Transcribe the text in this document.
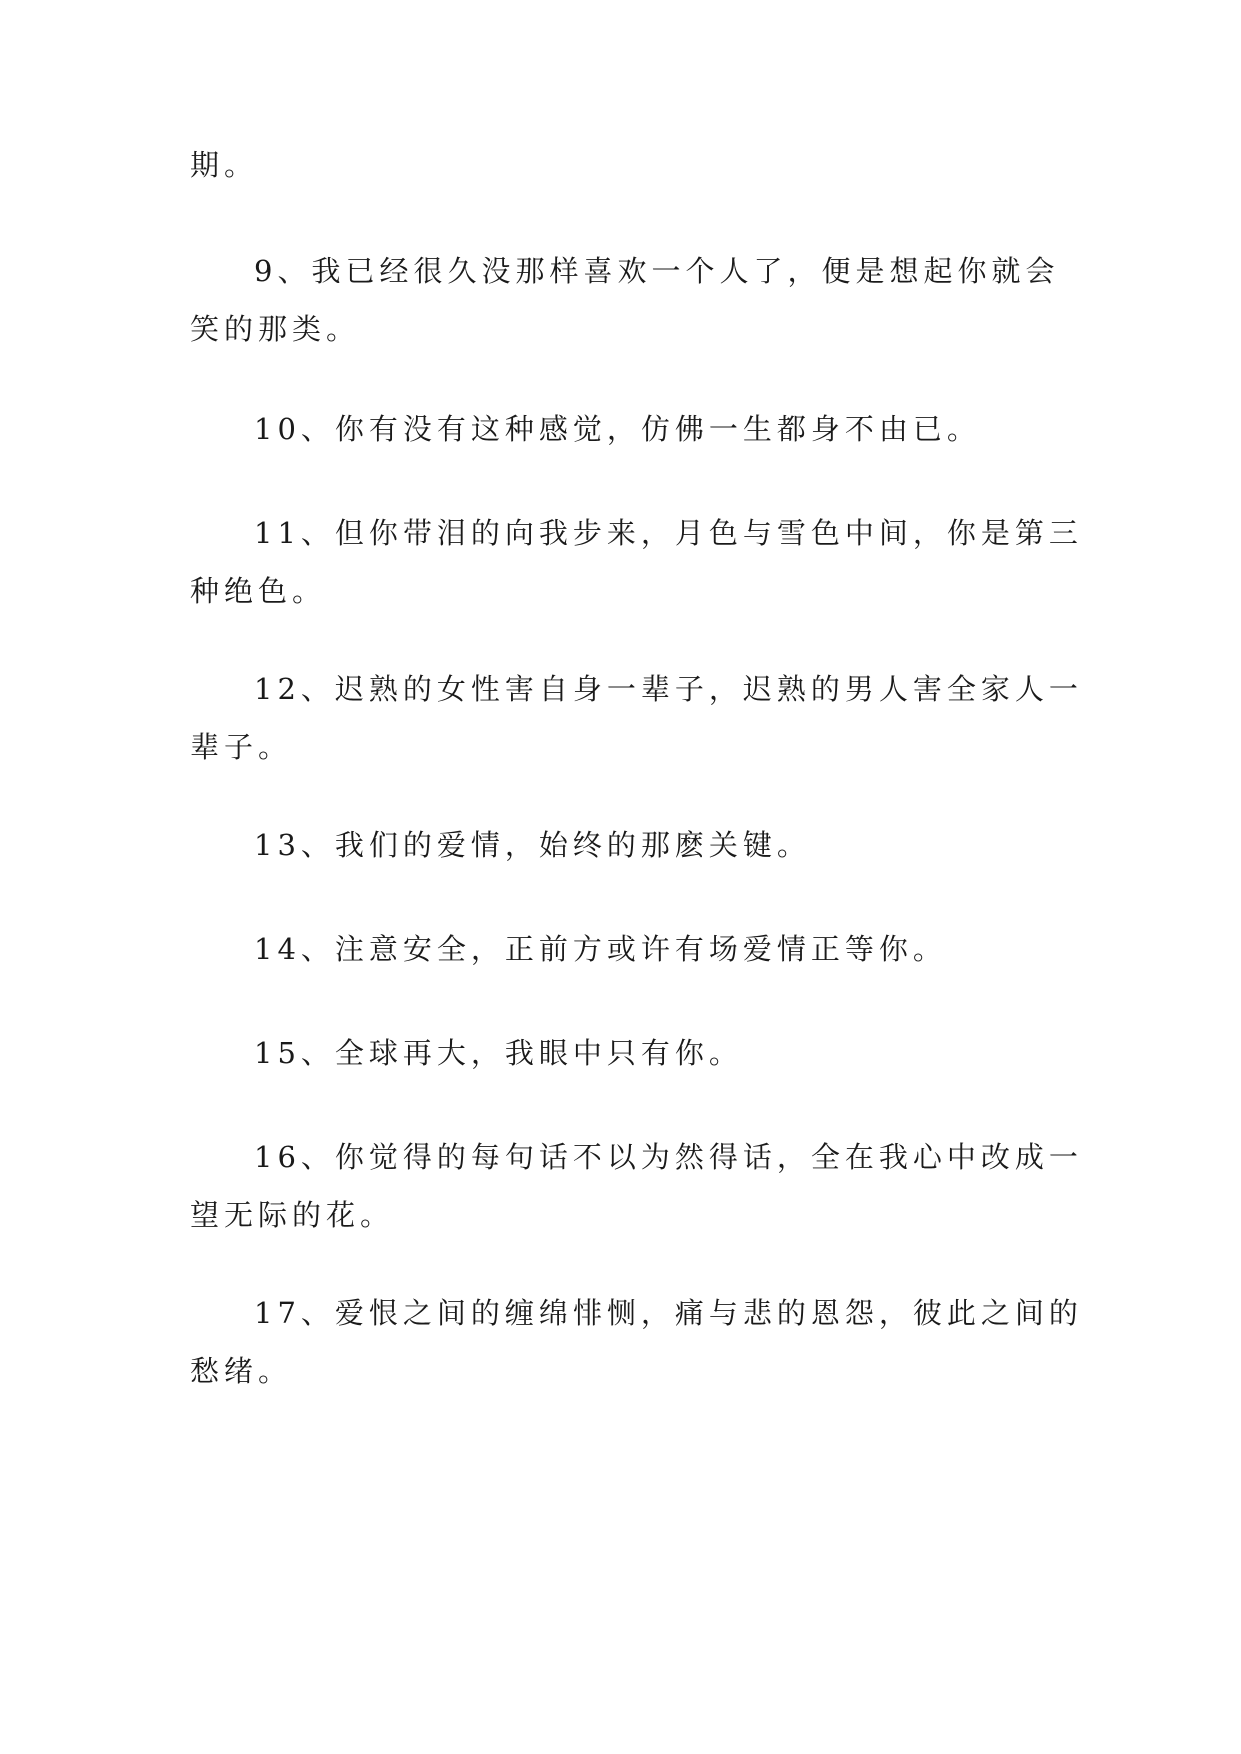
期。
9、我已经很久没那样喜欢一个人了，便是想起你就会
笑的那类。
10、你有没有这种感觉，仿佛一生都身不由已。
11、但你带泪的向我步来，月色与雪色中间，你是第三
种绝色。
12、迟熟的女性害自身一辈子，迟熟的男人害全家人一
辈子。
13、我们的爱情，始终的那麽关键。
14、注意安全，正前方或许有场爱情正等你。
15、全球再大，我眼中只有你。
16、你觉得的每句话不以为然得话，全在我心中改成一
望无际的花。
17、爱恨之间的缠绵悱恻，痛与悲的恩怨，彼此之间的
愁绪。
